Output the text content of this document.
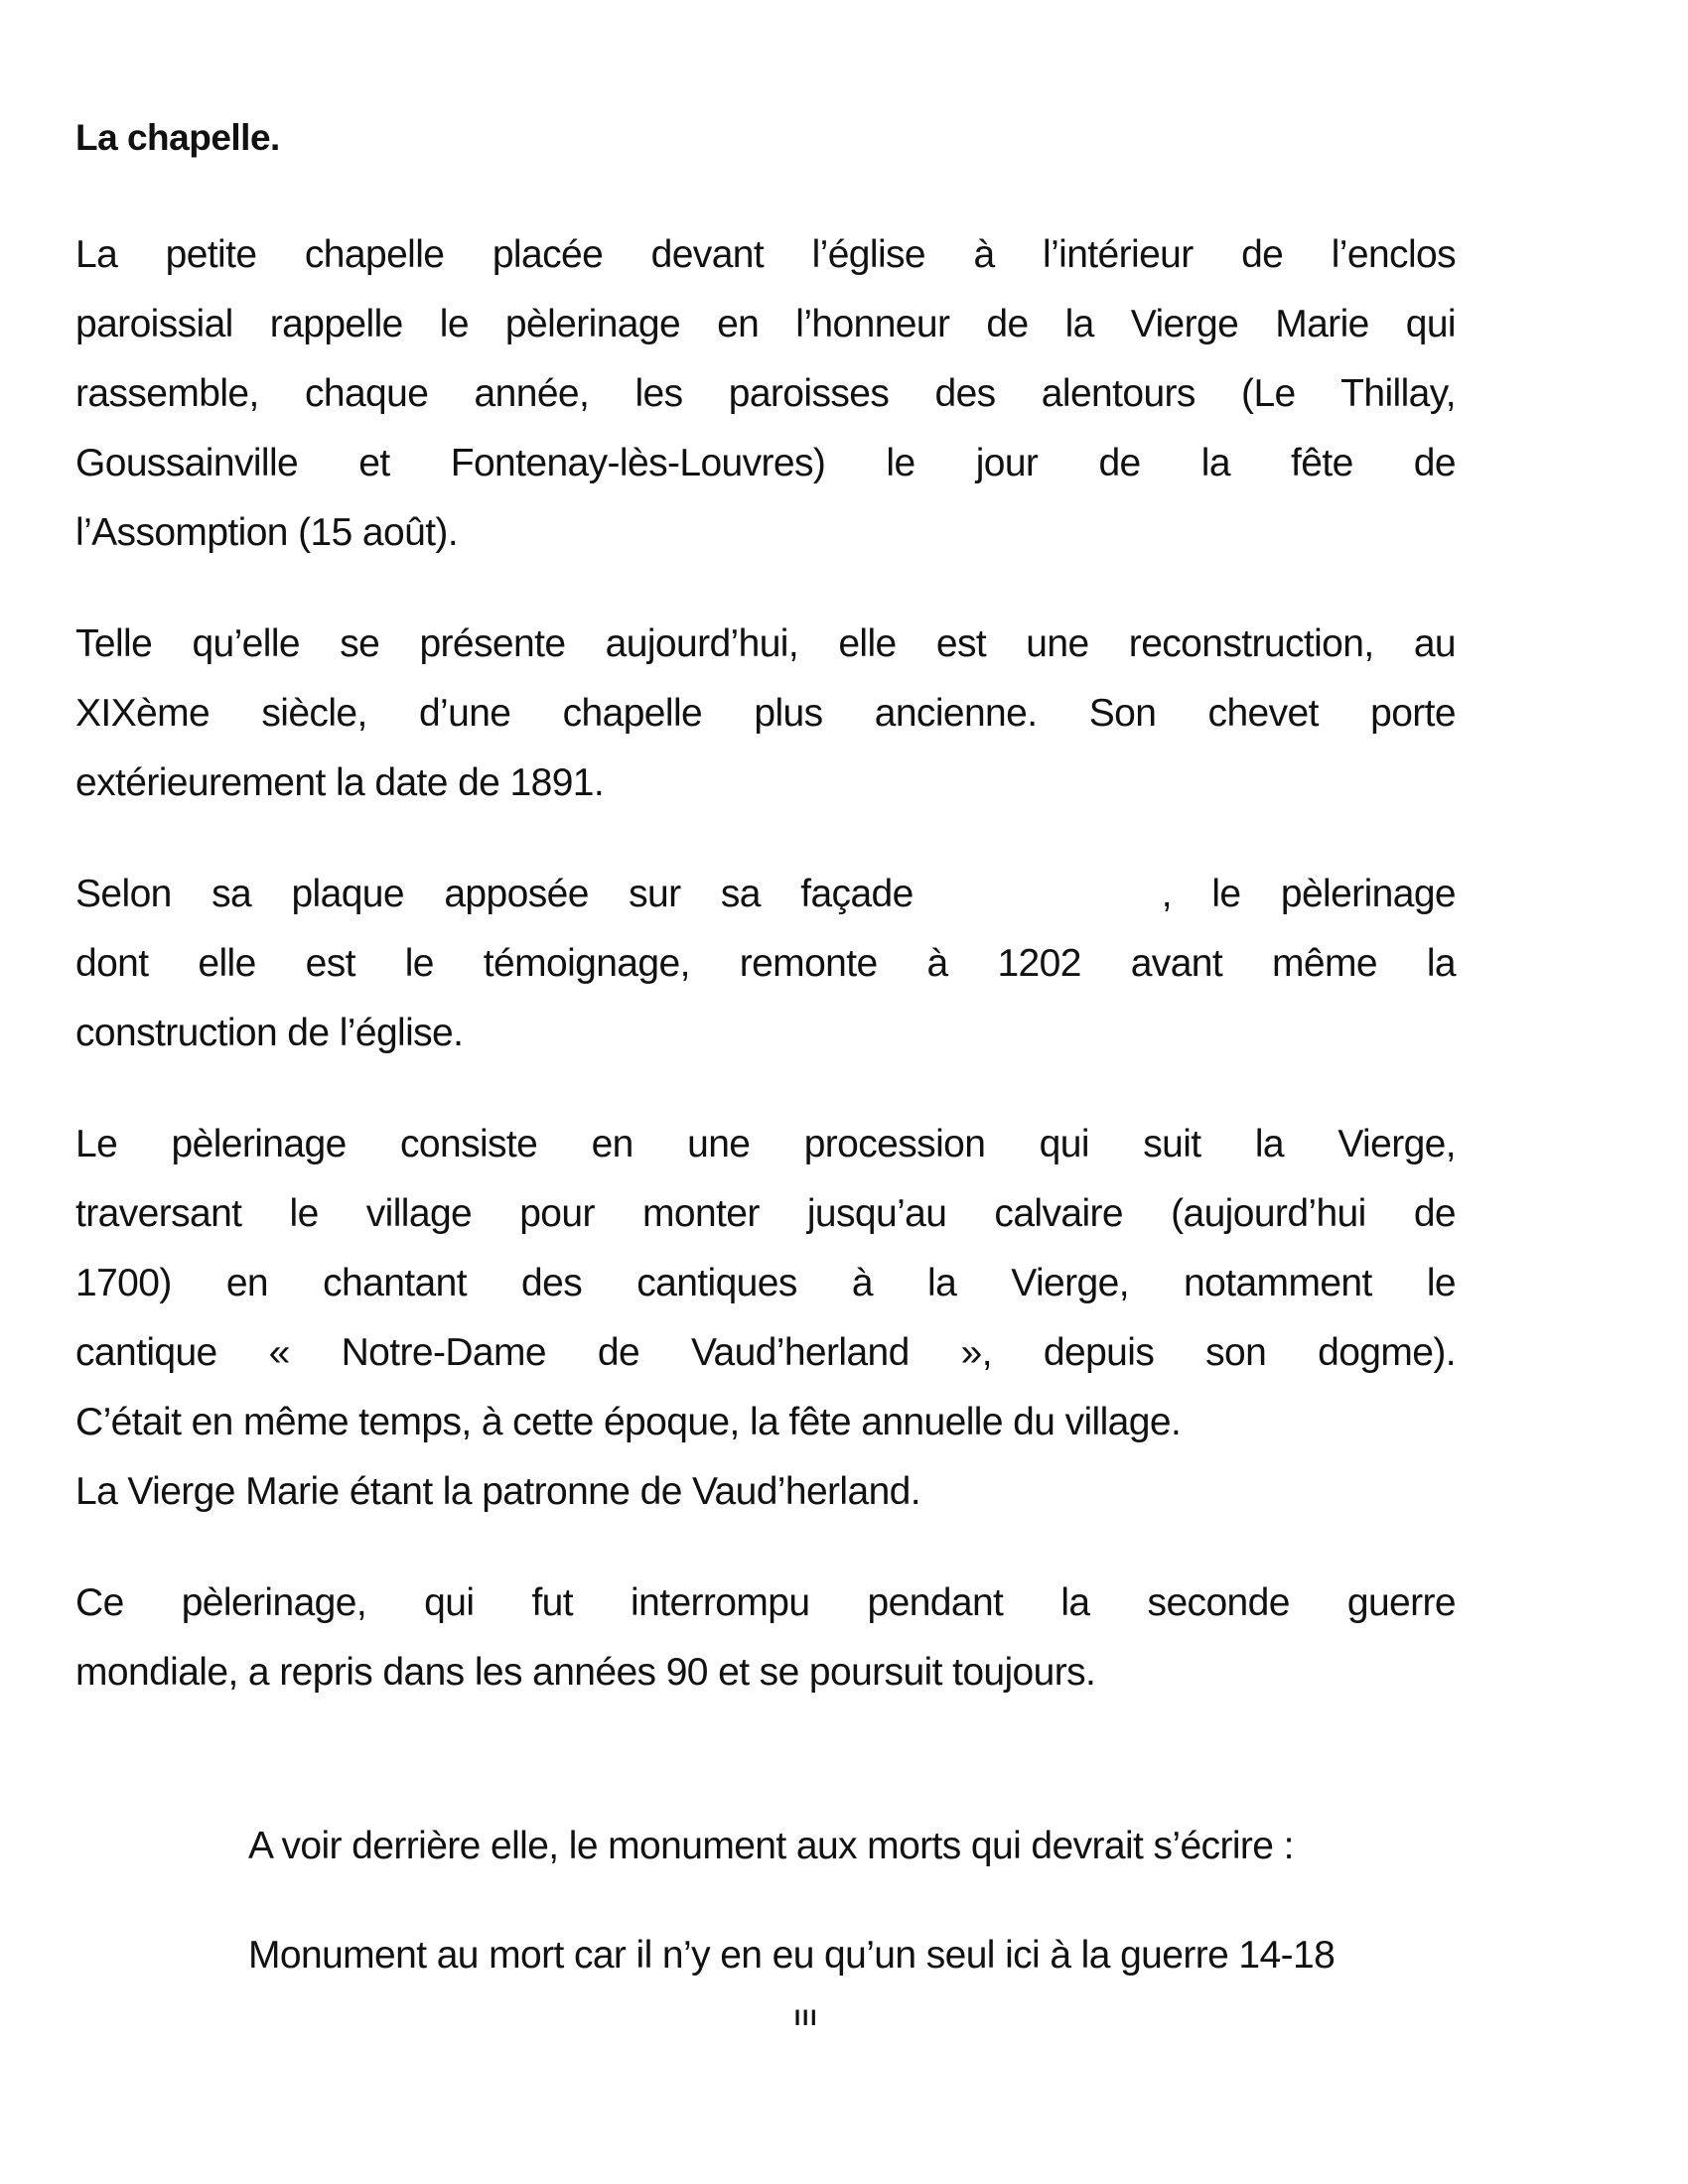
La chapelle.
La petite chapelle placée devant l’église à l’intérieur de l’enclos
paroissial rappelle le pèlerinage en l’honneur de la Vierge Marie qui
rassemble, chaque année, les paroisses des alentours (Le Thillay,
Goussainville et Fontenay-lès-Louvres) le jour de la fête de
l’Assomption (15 août).
Telle qu’elle se présente aujourd’hui, elle est une reconstruction, au
XIXème siècle, d’une chapelle plus ancienne. Son chevet porte
extérieurement la date de 1891.
Selon sa plaque apposée sur sa façade	, le pèlerinage
dont elle est le témoignage, remonte à 1202 avant même la
construction de l’église.
Le pèlerinage consiste en une procession qui suit la Vierge,
traversant le village pour monter jusqu’au calvaire (aujourd’hui de
1700) en chantant des cantiques à la Vierge, notamment le
cantique « Notre-Dame de Vaud’herland », depuis son dogme).
C’était en même temps, à cette époque, la fête annuelle du village.
La Vierge Marie étant la patronne de Vaud’herland.
Ce pèlerinage, qui fut interrompu pendant la seconde guerre
mondiale, a repris dans les années 90 et se poursuit toujours.
A voir derrière elle, le monument aux morts qui devrait s’écrire :
Monument au mort car il n’y en eu qu’un seul ici à la guerre 14-18
III
